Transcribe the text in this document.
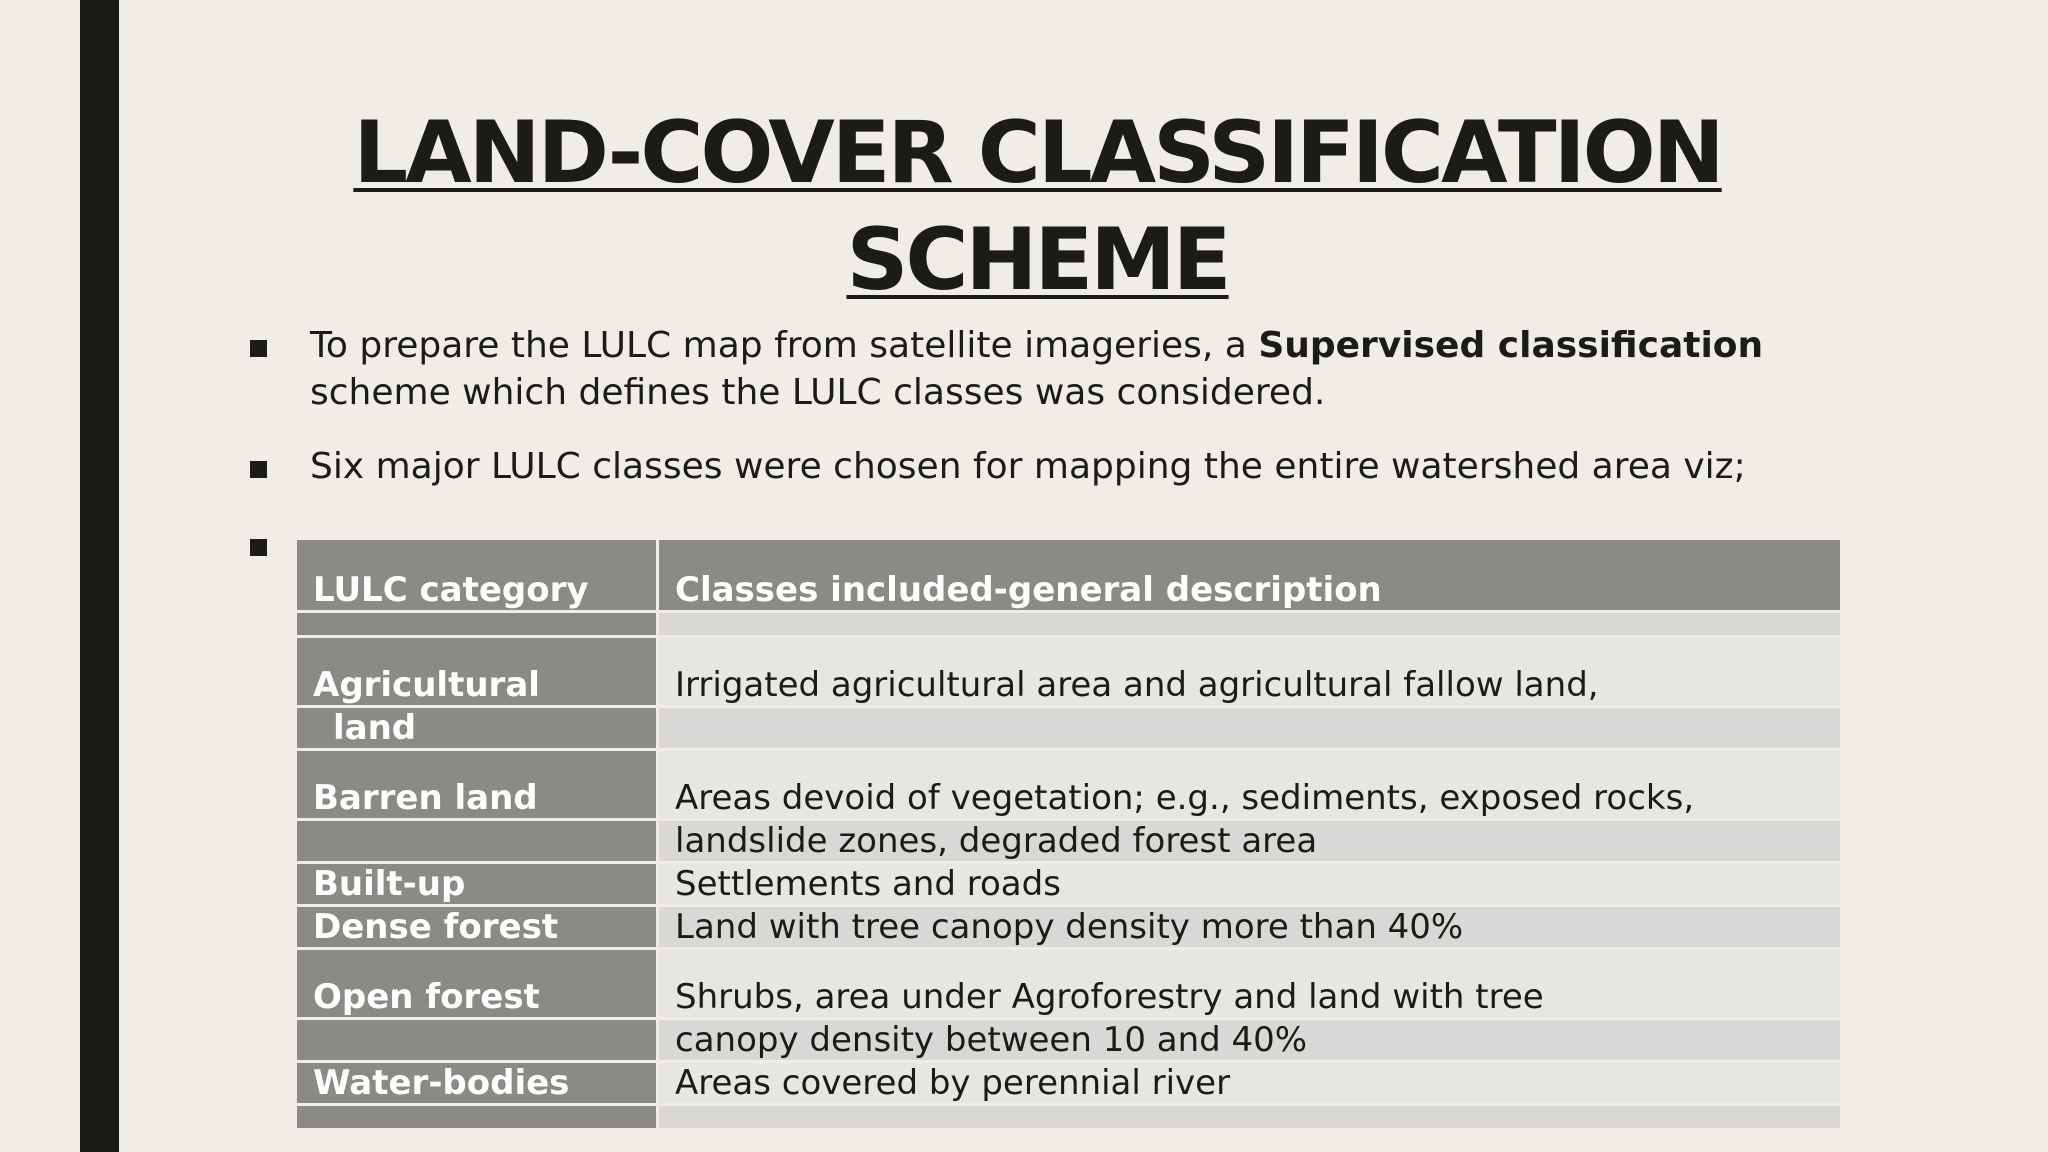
LAND-COVER CLASSIFICATION
SCHEME
To prepare the LULC map from satellite imageries, a Supervised classification
scheme which defines the LULC classes was considered.
Six major LULC classes were chosen for mapping the entire watershed area viz;
LULC category	Classes included-general description

Agricultural	Irrigated agricultural area and agricultural fallow land,
land	
Barren land	Areas devoid of vegetation; e.g., sediments, exposed rocks,
	landslide zones, degraded forest area
Built-up	Settlements and roads
Dense forest	Land with tree canopy density more than 40%
Open forest	Shrubs, area under Agroforestry and land with tree
	canopy density between 10 and 40%
Water-bodies	Areas covered by perennial river
